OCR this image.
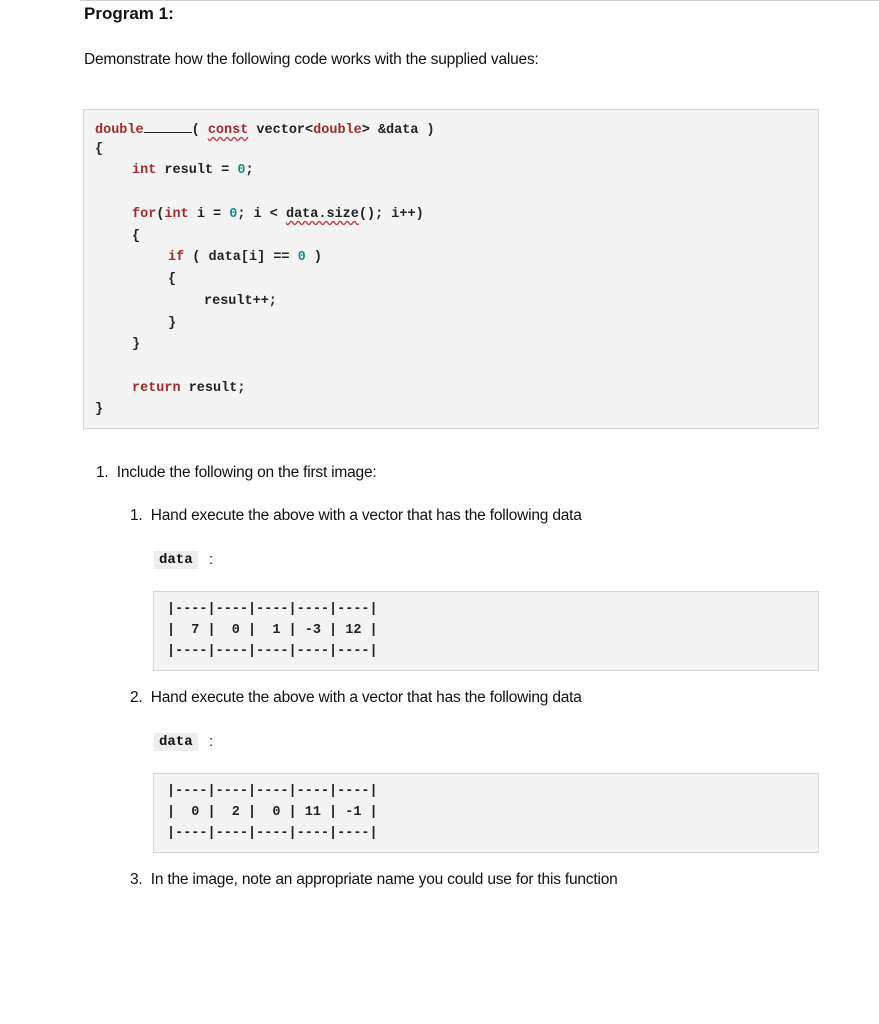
Program 1:
Demonstrate how the following code works with the supplied values:
double	( const vector<double> &data )
{
int result = 0;
for(int i = 0; i < data.size(); i++)
{
if ( data[i] == 0 )
{
result++;
}
}
return result;
}
1.  Include the following on the first image:
1.  Hand execute the above with a vector that has the following data
data	:
|----|----|----|----|----|
|  7 |  0 |  1 | -3 | 12 |
|----|----|----|----|----|
2.  Hand execute the above with a vector that has the following data
data	:
|----|----|----|----|----|
|  0 |  2 |  0 | 11 | -1 |
|----|----|----|----|----|
3.  In the image, note an appropriate name you could use for this function
